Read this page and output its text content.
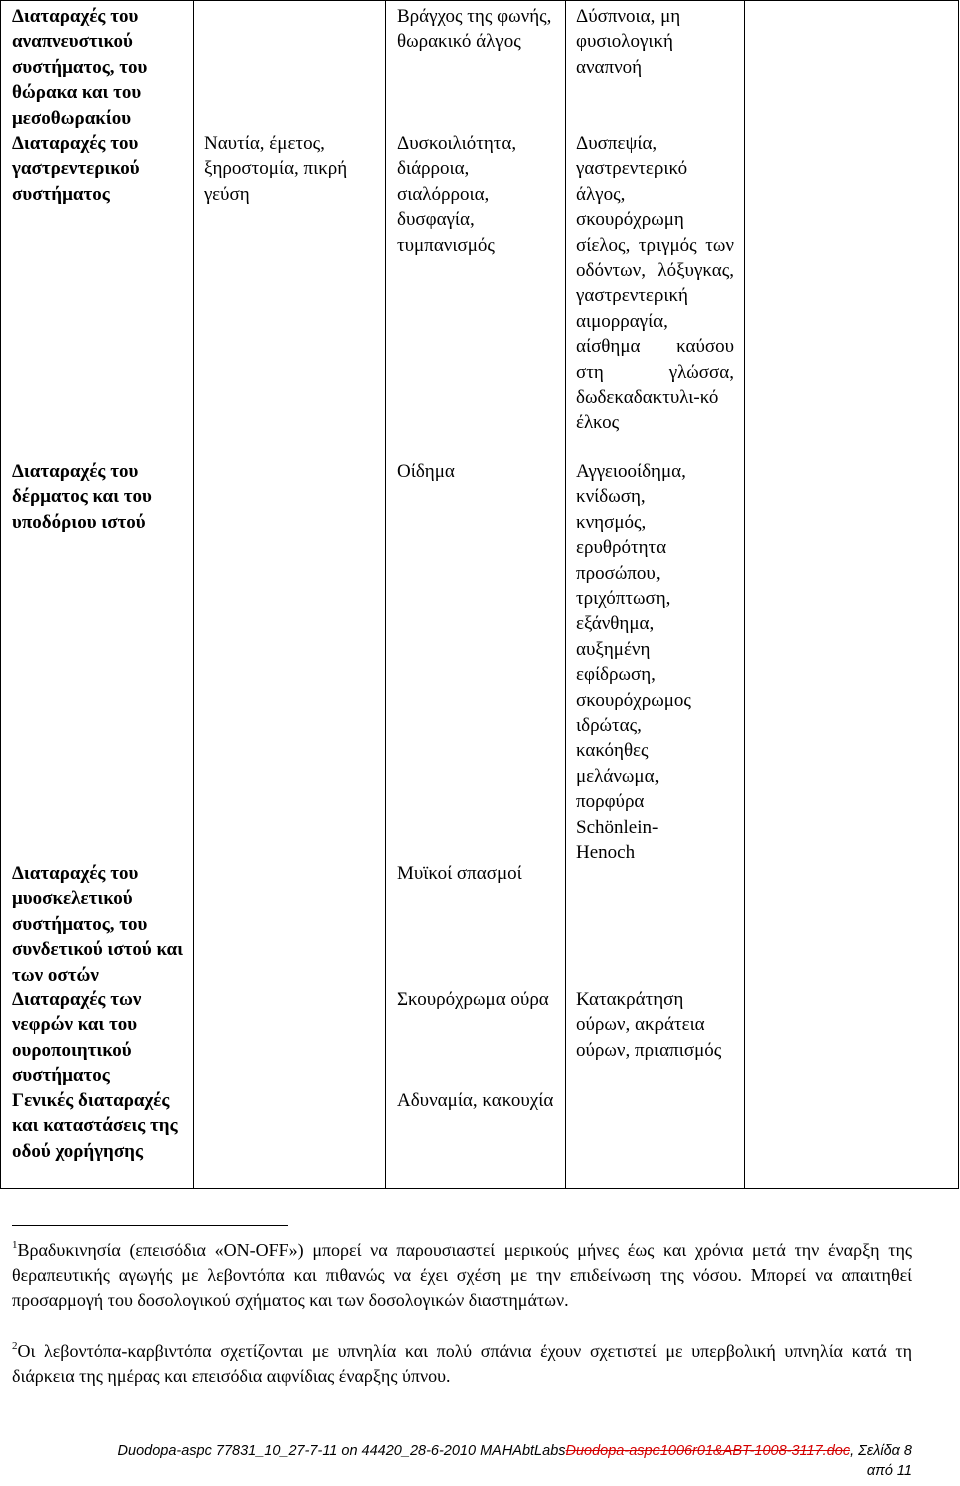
Διαταραχές του αναπνευστικού συστήματος, του θώρακα και του μεσοθωρακίου
Βράγχος της φωνής, θωρακικό άλγος
Δύσπνοια, μη φυσιολογική αναπνοή
Διαταραχές του γαστρεντερικού συστήματος
Ναυτία, έμετος, ξηροστομία, πικρή γεύση
Δυσκοιλιότητα, διάρροια, σιαλόρροια, δυσφαγία, τυμπανισμός
Δυσπεψία, γαστρεντερικό άλγος, σκουρόχρωμη σίελος, τριγμός των οδόντων, λόξυγκας, γαστρεντερική αιμορραγία, αίσθημα καύσου στη γλώσσα, δωδεκαδακτυλι-κό έλκος
Διαταραχές του δέρματος και του υποδόριου ιστού
Οίδημα	Αγγειοοίδημα, κνίδωση, κνησμός, ερυθρότητα προσώπου, τριχόπτωση, εξάνθημα, αυξημένη εφίδρωση, σκουρόχρωμος ιδρώτας, κακόηθες μελάνωμα, πορφύρα Schönlein-Henoch
Διαταραχές του μυοσκελετικού συστήματος, του συνδετικού ιστού και των οστών
Μυϊκοί σπασμοί
Διαταραχές των νεφρών και του ουροποιητικού συστήματος
Σκουρόχρωμα ούρα	Κατακράτηση ούρων, ακράτεια ούρων, πριαπισμός
Γενικές διαταραχές και καταστάσεις της οδού χορήγησης
Αδυναμία, κακουχία
$^1$Βραδυκινησία (επεισόδια «ON-OFF») μπορεί να παρουσιαστεί μερικούς μήνες έως και χρόνια μετά την έναρξη της θεραπευτικής αγωγής με λεβοντόπα και πιθανώς να έχει σχέση με την επιδείνωση της νόσου. Μπορεί να απαιτηθεί προσαρμογή του δοσολογικού σχήματος και των δοσολογικών διαστημάτων.
$^2$Οι λεβοντόπα-καρβιντόπα σχετίζονται με υπνηλία και πολύ σπάνια έχουν σχετιστεί με υπερβολική υπνηλία κατά τη διάρκεια της ημέρας και επεισόδια αιφνίδιας έναρξης ύπνου.
Duodopa-aspc 77831_10_27-7-11 on 44420_28-6-2010 MAHAbtLabsDuodopa-aspc1006r01&ABT-1008-3117.doc, Σελίδα 8
από 11
